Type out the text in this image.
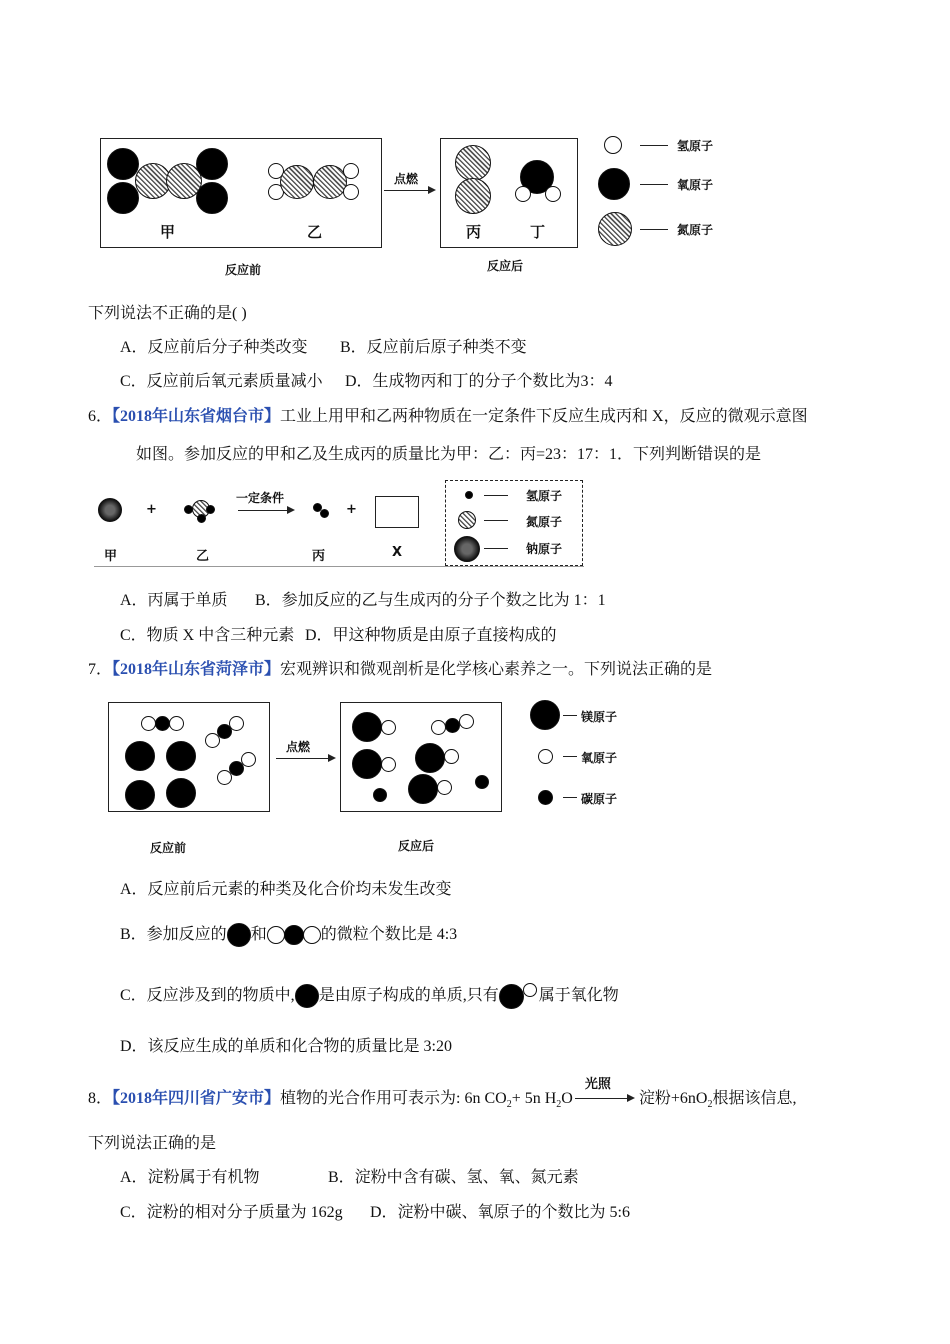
甲	乙
点燃
丙	丁
反应前	反应后
氢原子
氧原子
氮原子
下列说法不正确的是( )
A．反应前后分子种类改变 B．反应前后原子种类不变
C．反应前后氧元素质量减小 D．生成物丙和丁的分子个数比为3：4
6．【2018年山东省烟台市】工业上用甲和乙两种物质在一定条件下反应生成丙和 X，反应的微观示意图
如图。参加反应的甲和乙及生成丙的质量比为甲：乙：丙=23：17：1．下列判断错误的是
+
一定条件
+
甲	乙	丙	X
氢原子
氮原子
钠原子
A．丙属于单质 B．参加反应的乙与生成丙的分子个数之比为 1：1
C．物质 X 中含三种元素 D．甲这种物质是由原子直接构成的
7．【2018年山东省菏泽市】宏观辨识和微观剖析是化学核心素养之一。下列说法正确的是
点燃
反应前	反应后
镁原子
氧原子
碳原子
A．反应前后元素的种类及化合价均未发生改变
B．参加反应的 和	的微粒个数比是 4:3
C．反应涉及到的物质中, 是由原子构成的单质,只有	属于氧化物
D．该反应生成的单质和化合物的质量比是 3:20
8．【2018年四川省广安市】植物的光合作用可表示为: 6n $CO_2+ 5n$ $H_2O$
光照
淀粉$+6nO_2$根据该信息,
下列说法正确的是
A．淀粉属于有机物	B．淀粉中含有碳、氢、氧、氮元素
C．淀粉的相对分子质量为 162g D．淀粉中碳、氧原子的个数比为 5:6
